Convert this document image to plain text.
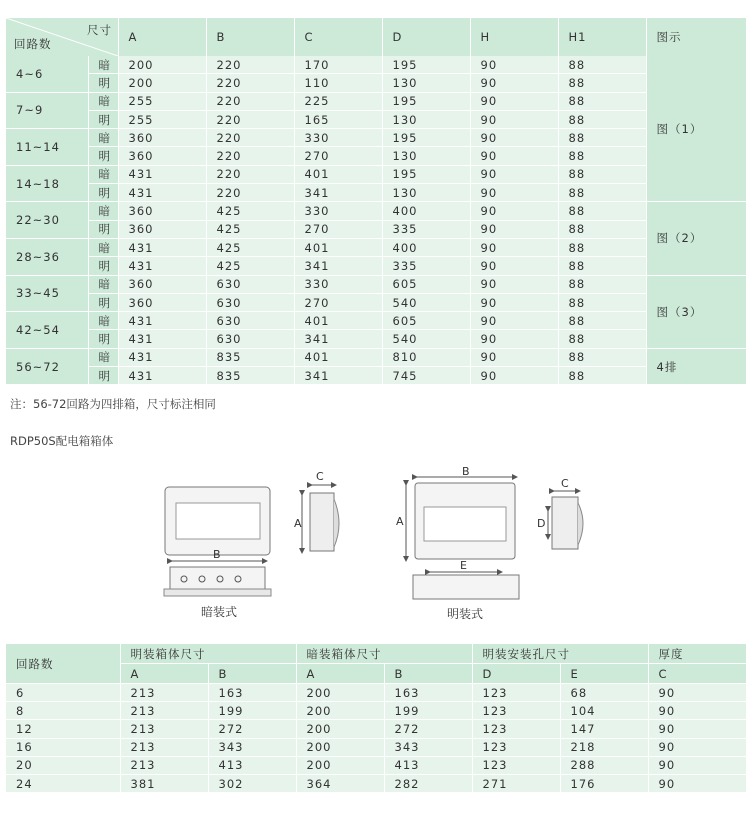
尺寸
回路数		A	B	C	D	H	H1	图示
4~6	暗	200	220	170	195	90	88	图（1）
	明	200	220	110	130	90	88	
7~9	暗	255	220	225	195	90	88	
	明	255	220	165	130	90	88	
11~14	暗	360	220	330	195	90	88	
	明	360	220	270	130	90	88	
14~18	暗	431	220	401	195	90	88	
	明	431	220	341	130	90	88	
22~30	暗	360	425	330	400	90	88	图（2）
	明	360	425	270	335	90	88	
28~36	暗	431	425	401	400	90	88	
	明	431	425	341	335	90	88	
33~45	暗	360	630	330	605	90	88	图（3）
	明	360	630	270	540	90	88	
42~54	暗	431	630	401	605	90	88	
	明	431	630	341	540	90	88	
56~72	暗	431	835	401	810	90	88	4排
	明	431	835	341	745	90	88	
注：56-72回路为四排箱，尺寸标注相同
RDP50S配电箱箱体
B
C
A
B
A
C
D
E
暗装式	明装式
回路数	明装箱体尺寸		暗装箱体尺寸		明装安装孔尺寸		厚度
	A	B	A	B	D	E	C
6	213	163	200	163	123	68	90
8	213	199	200	199	123	104	90
12	213	272	200	272	123	147	90
16	213	343	200	343	123	218	90
20	213	413	200	413	123	288	90
24	381	302	364	282	271	176	90
